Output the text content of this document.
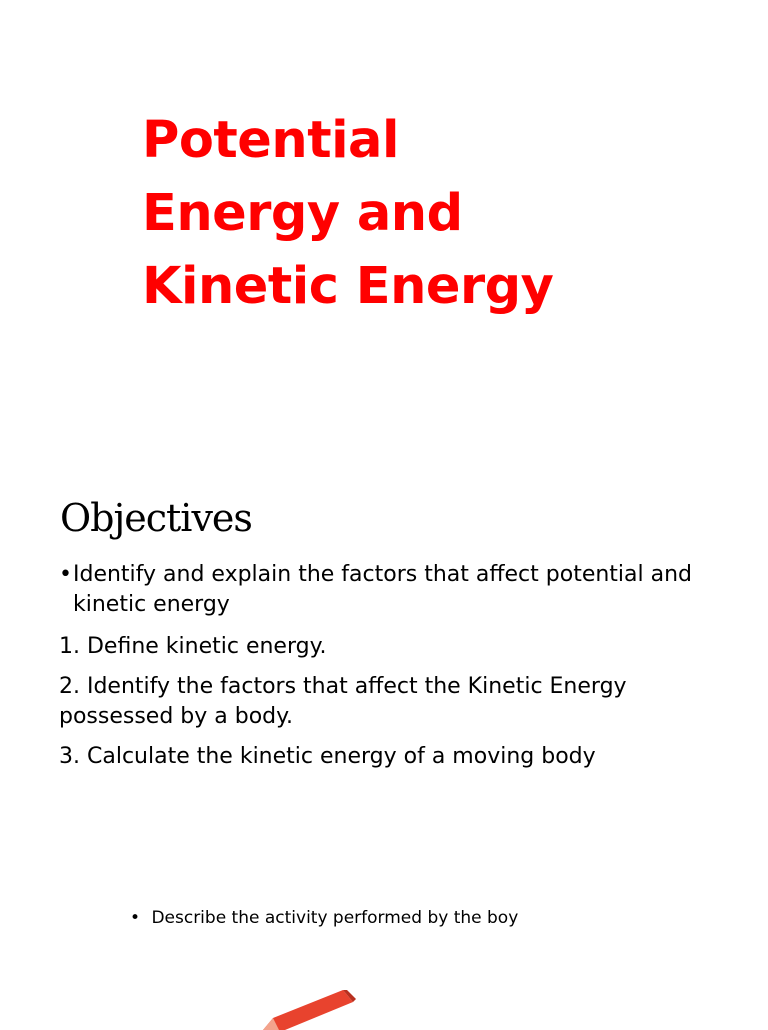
Potential
Energy and
Kinetic Energy
Objectives
• Identify and explain the factors that affect potential and kinetic energy
1. Define kinetic energy.
2. Identify the factors that affect the Kinetic Energy possessed by a body.
3. Calculate the kinetic energy of a moving body
• Describe the activity performed by the boy
